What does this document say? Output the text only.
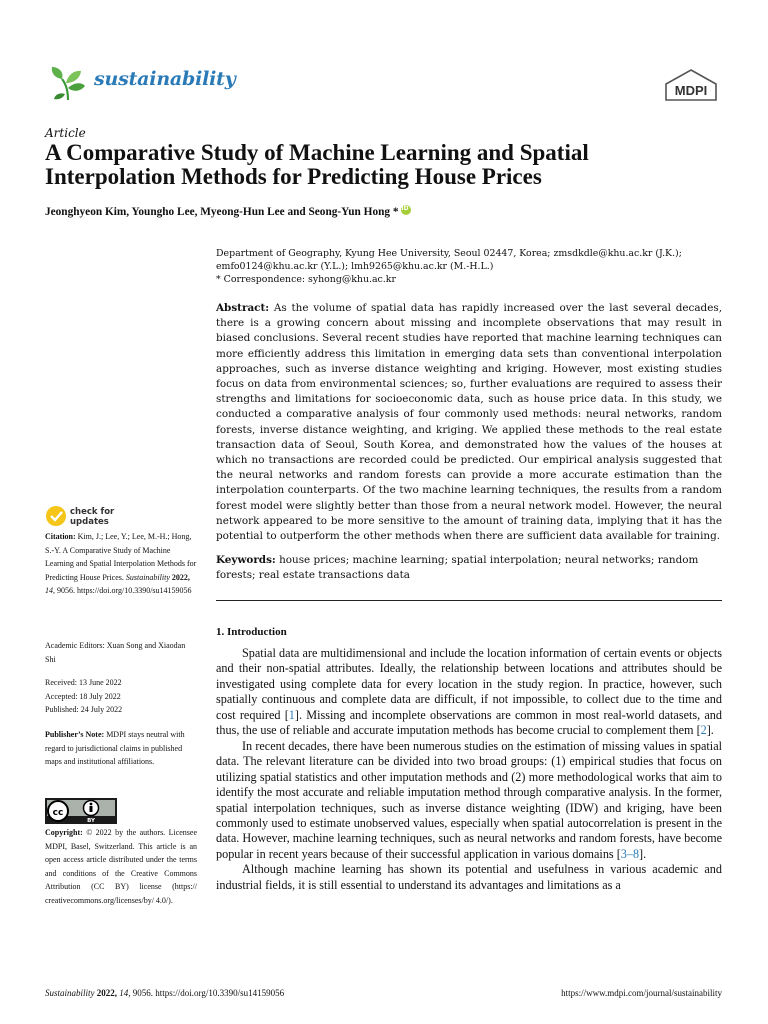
sustainability
MDPI
Article
A Comparative Study of Machine Learning and Spatial Interpolation Methods for Predicting House Prices
Jeonghyeon Kim, Youngho Lee, Myeong-Hun Lee and Seong-Yun Hong *iD

Department of Geography, Kyung Hee University, Seoul 02447, Korea; zmsdkdle@khu.ac.kr (J.K.);

emfo0124@khu.ac.kr (Y.L.); lmh9265@khu.ac.kr (M.-H.L.)

* Correspondence: syhong@khu.ac.kr

Abstract: As the volume of spatial data has rapidly increased over the last several decades, there is a growing concern about missing and incomplete observations that may result in biased conclusions. Several recent studies have reported that machine learning techniques can more efficiently address this limitation in emerging data sets than conventional interpolation approaches, such as inverse distance weighting and kriging. However, most existing studies focus on data from environmental sciences; so, further evaluations are required to assess their strengths and limitations for socioeconomic data, such as house price data. In this study, we conducted a comparative analysis of four commonly used methods: neural networks, random forests, inverse distance weighting, and kriging. We applied these methods to the real estate transaction data of Seoul, South Korea, and demonstrated how the values of the houses at which no transactions are recorded could be predicted. Our empirical analysis suggested that the neural networks and random forests can provide a more accurate estimation than the interpolation counterparts. Of the two machine learning techniques, the results from a random forest model were slightly better than those from a neural network model. However, the neural network appeared to be more sensitive to the amount of training data, implying that it has the potential to outperform the other methods when there are sufficient data available for training.
Keywords: house prices; machine learning; spatial interpolation; neural networks; random forests; real estate transactions data
1. Introduction

Spatial data are multidimensional and include the location information of certain events or objects and their non-spatial attributes. Ideally, the relationship between locations and attributes should be investigated using complete data for every location in the study region. In practice, however, such spatially continuous and complete data are difficult, if not impossible, to collect due to the time and cost required [1]. Missing and incomplete observations are common in most real-world datasets, and thus, the use of reliable and accurate imputation methods has become crucial to complement them [2].

In recent decades, there have been numerous studies on the estimation of missing values in spatial data. The relevant literature can be divided into two broad groups: (1) empirical studies that focus on utilizing spatial statistics and other imputation methods and (2) more methodological works that aim to identify the most accurate and reliable imputation method through comparative analysis. In the former, spatial interpolation techniques, such as inverse distance weighting (IDW) and kriging, have been commonly used to estimate unobserved values, especially when spatial autocorrelation is present in the data. However, machine learning techniques, such as neural networks and random forests, have become popular in recent years because of their successful application in various domains [3–8].

Although machine learning has shown its potential and usefulness in various academic and industrial fields, it is still essential to understand its advantages and limitations as a

check for
updates
Citation: Kim, J.; Lee, Y.; Lee, M.-H.; Hong, S.-Y. A Comparative Study of Machine Learning and Spatial Interpolation Methods for Predicting House Prices. Sustainability 2022, 14, 9056. https://doi.org/10.3390/su14159056
Academic Editors: Xuan Song and Xiaodan Shi
Received: 13 June 2022
Accepted: 18 July 2022
Published: 24 July 2022
Publisher’s Note: MDPI stays neutral with regard to jurisdictional claims in published maps and institutional affiliations.
cc
BY
Copyright: © 2022 by the authors. Licensee MDPI, Basel, Switzerland. This article is an open access article distributed under the terms and conditions of the Creative Commons Attribution (CC BY) license (https:// creativecommons.org/licenses/by/ 4.0/).
Sustainability 2022, 14, 9056. https://doi.org/10.3390/su14159056	https://www.mdpi.com/journal/sustainability
